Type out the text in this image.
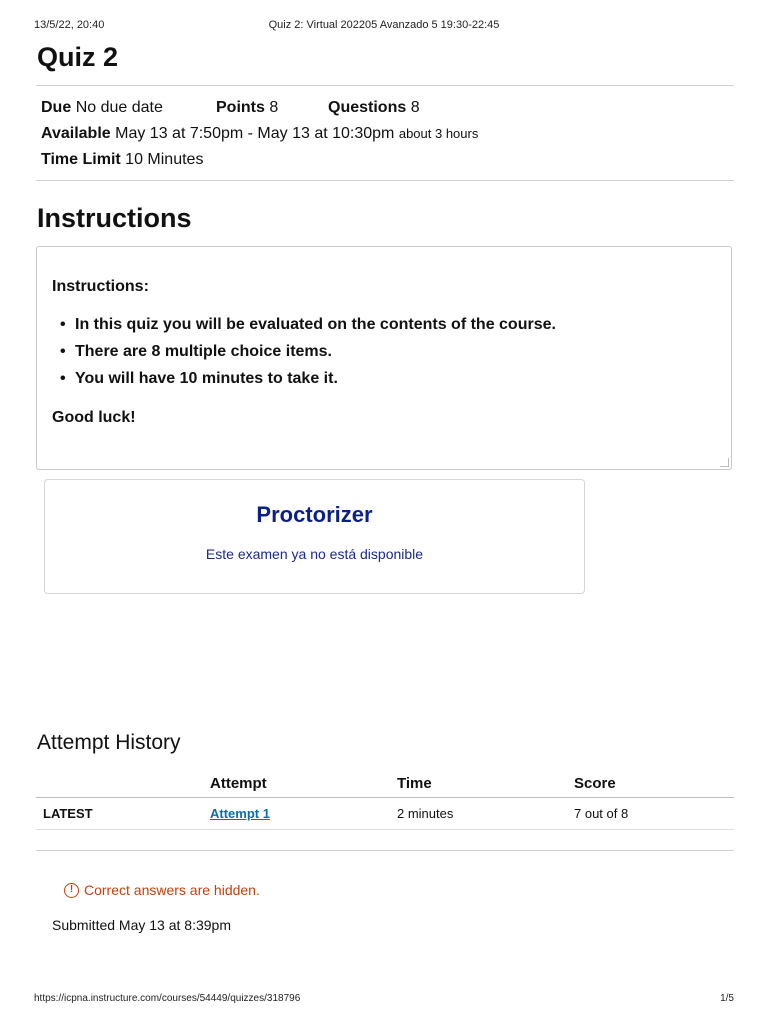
13/5/22, 20:40	Quiz 2: Virtual 202205 Avanzado 5 19:30-22:45
Quiz 2
Due No due date	Points 8	Questions 8
Available May 13 at 7:50pm - May 13 at 10:30pm about 3 hours
Time Limit 10 Minutes
Instructions

Instructions:

• In this quiz you will be evaluated on the contents of the course.
• There are 8 multiple choice items.
• You will have 10 minutes to take it.

Good luck!

Proctorizer

Este examen ya no está disponible

Attempt History
	Attempt	Time	Score
LATEST	Attempt 1	2 minutes	7 out of 8
! Correct answers are hidden.

Submitted May 13 at 8:39pm

https://icpna.instructure.com/courses/54449/quizzes/318796	1/5
